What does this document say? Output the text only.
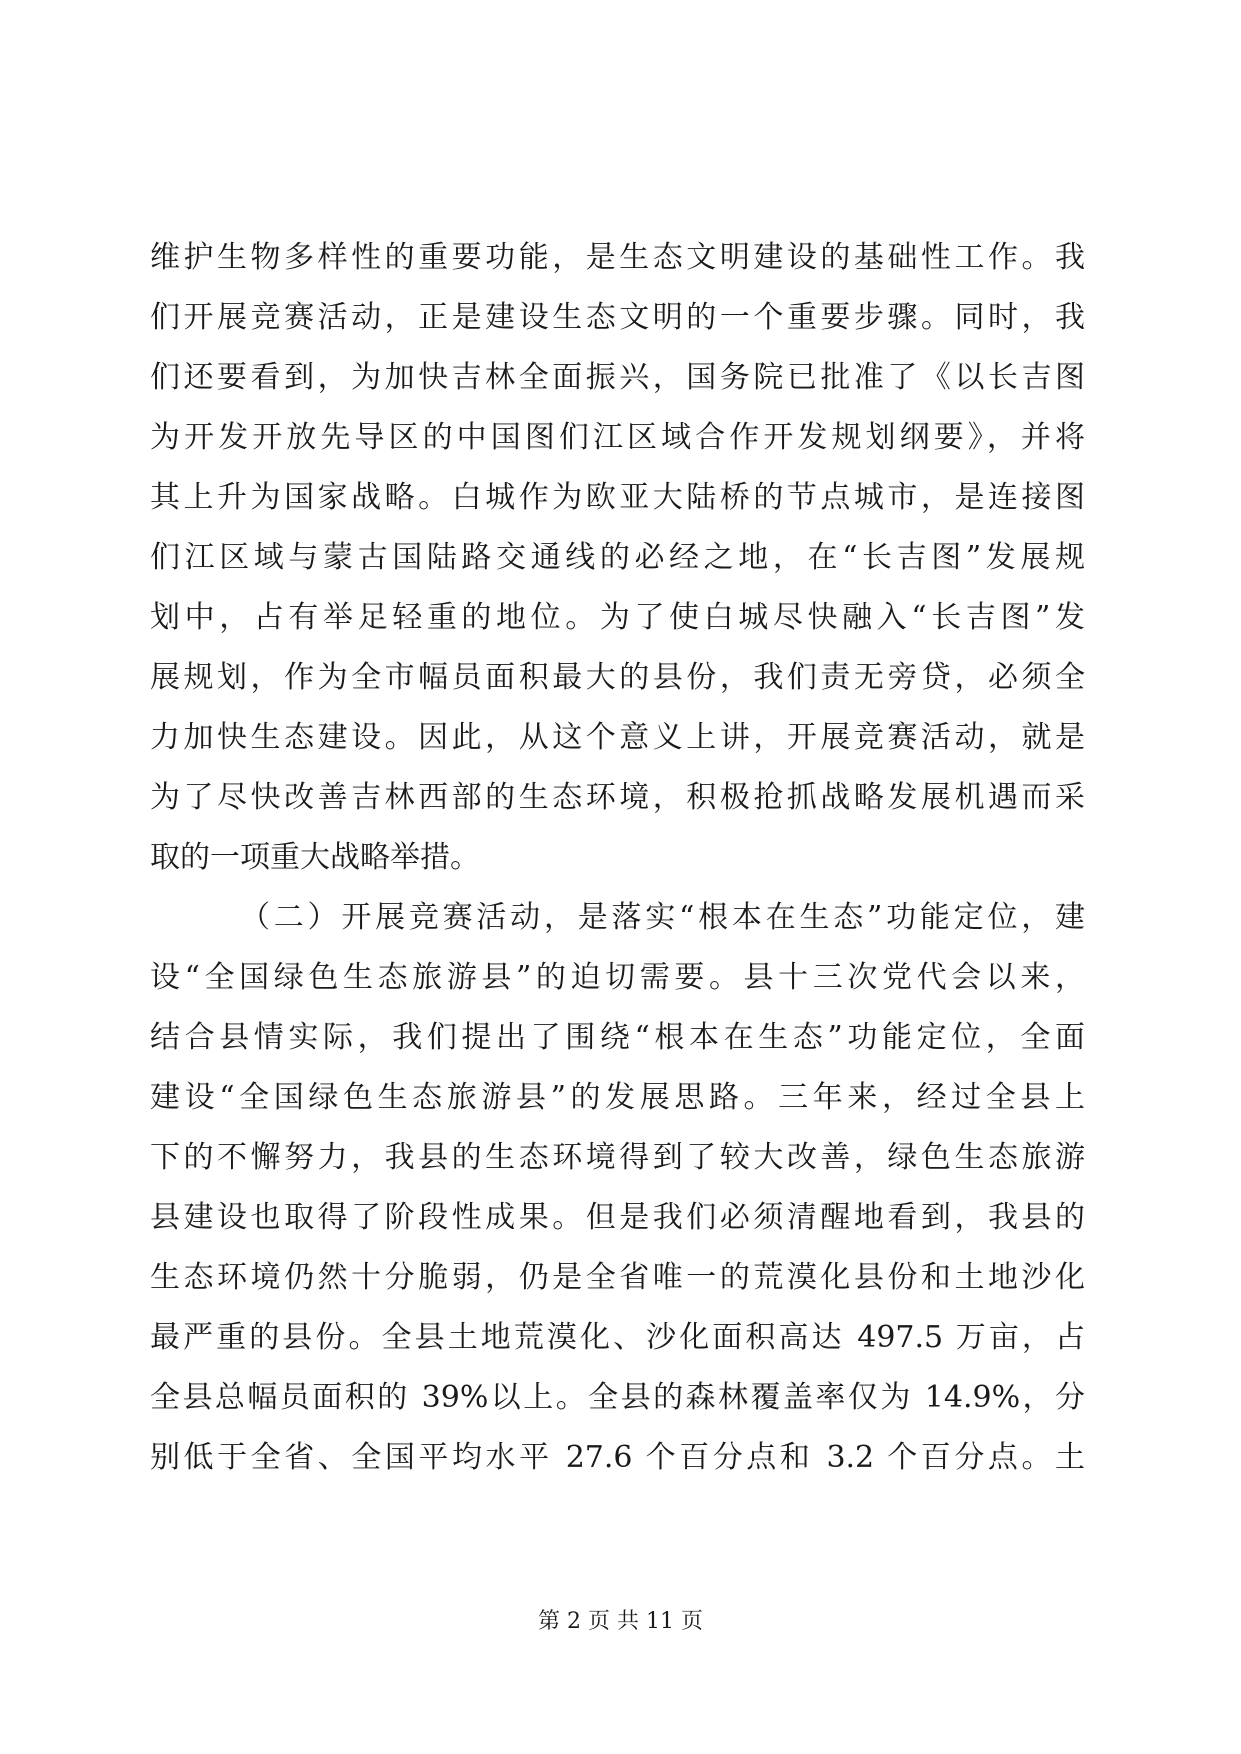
维护生物多样性的重要功能，是生态文明建设的基础性工作。我
们开展竞赛活动，正是建设生态文明的一个重要步骤。同时，我
们还要看到，为加快吉林全面振兴，国务院已批准了《以长吉图
为开发开放先导区的中国图们江区域合作开发规划纲要》，并将
其上升为国家战略。白城作为欧亚大陆桥的节点城市，是连接图
们江区域与蒙古国陆路交通线的必经之地，在“长吉图”发展规
划中，占有举足轻重的地位。为了使白城尽快融入“长吉图”发
展规划，作为全市幅员面积最大的县份，我们责无旁贷，必须全
力加快生态建设。因此，从这个意义上讲，开展竞赛活动，就是
为了尽快改善吉林西部的生态环境，积极抢抓战略发展机遇而采
取的一项重大战略举措。
（二）开展竞赛活动，是落实“根本在生态”功能定位，建
设“全国绿色生态旅游县”的迫切需要。县十三次党代会以来，
结合县情实际，我们提出了围绕“根本在生态”功能定位，全面
建设“全国绿色生态旅游县”的发展思路。三年来，经过全县上
下的不懈努力，我县的生态环境得到了较大改善，绿色生态旅游
县建设也取得了阶段性成果。但是我们必须清醒地看到，我县的
生态环境仍然十分脆弱，仍是全省唯一的荒漠化县份和土地沙化
最严重的县份。全县土地荒漠化、沙化面积高达 497.5 万亩，占
全县总幅员面积的 39%以上。全县的森林覆盖率仅为 14.9%，分
别低于全省、全国平均水平 27.6 个百分点和 3.2 个百分点。土
第 2 页 共 11 页
